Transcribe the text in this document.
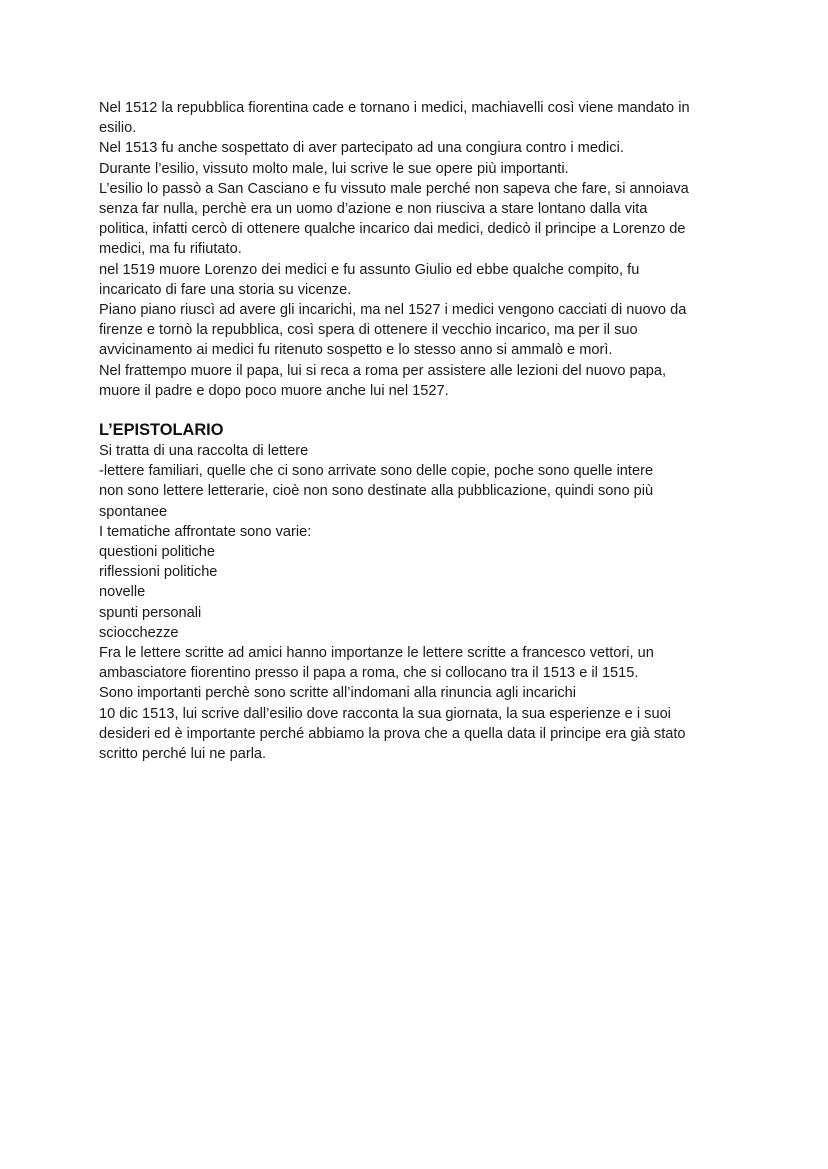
Nel 1512 la repubblica fiorentina cade e tornano i medici, machiavelli così viene mandato in
esilio.
Nel 1513 fu anche sospettato di aver partecipato ad una congiura contro i medici.
Durante l’esilio, vissuto molto male, lui scrive le sue opere più importanti.
L’esilio lo passò a San Casciano e fu vissuto male perché non sapeva che fare, si annoiava
senza far nulla, perchè era un uomo d’azione e non riusciva a stare lontano dalla vita
politica, infatti cercò di ottenere qualche incarico dai medici, dedicò il principe a Lorenzo de
medici, ma fu rifiutato.
nel 1519 muore Lorenzo dei medici e fu assunto Giulio ed ebbe qualche compito, fu
incaricato di fare una storia su vicenze.
Piano piano riuscì ad avere gli incarichi, ma nel 1527 i medici vengono cacciati di nuovo da
firenze e tornò la repubblica, così spera di ottenere il vecchio incarico, ma per il suo
avvicinamento ai medici fu ritenuto sospetto e lo stesso anno si ammalò e morì.
Nel frattempo muore il papa, lui si reca a roma per assistere alle lezioni del nuovo papa,
muore il padre e dopo poco muore anche lui nel 1527.
L’EPISTOLARIO
Si tratta di una raccolta di lettere
-lettere familiari, quelle che ci sono arrivate sono delle copie, poche sono quelle intere
non sono lettere letterarie, cioè non sono destinate alla pubblicazione, quindi sono più
spontanee
I tematiche affrontate sono varie:
questioni politiche
riflessioni politiche
novelle
spunti personali
sciocchezze
Fra le lettere scritte ad amici hanno importanze le lettere scritte a francesco vettori, un
ambasciatore fiorentino presso il papa a roma, che si collocano tra il 1513 e il 1515.
Sono importanti perchè sono scritte all’indomani alla rinuncia agli incarichi
10 dic 1513, lui scrive dall’esilio dove racconta la sua giornata, la sua esperienze e i suoi
desideri ed è importante perché abbiamo la prova che a quella data il principe era già stato
scritto perché lui ne parla.
